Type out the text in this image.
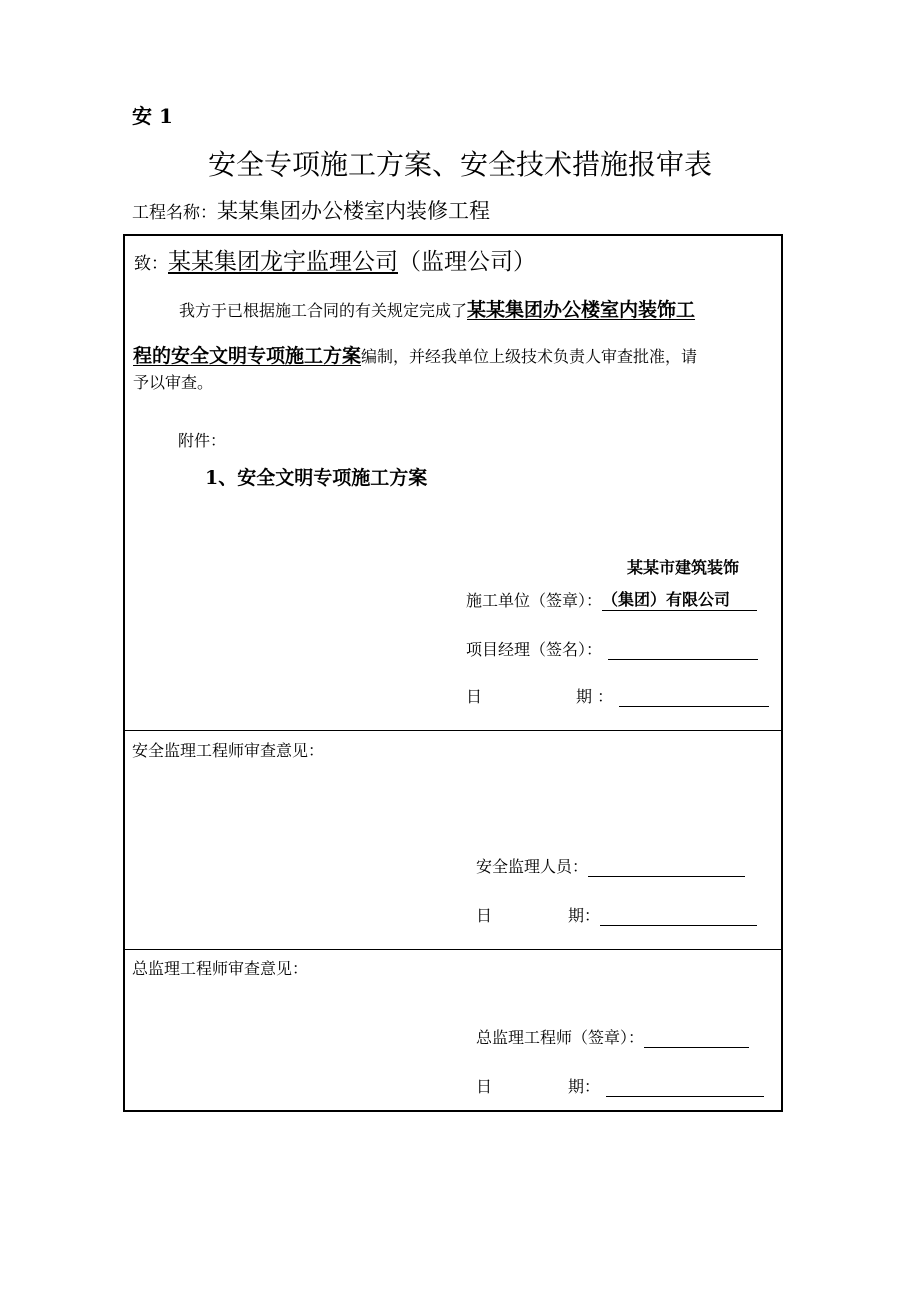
安 1
安全专项施工方案、安全技术措施报审表
工程名称：某某集团办公楼室内装修工程
致：某某集团龙宇监理公司（监理公司）

我方于已根据施工合同的有关规定完成了某某集团办公楼室内装饰工

程的安全文明专项施工方案编制，并经我单位上级技术负责人审查批准，请
予以审查。
附件：
1、安全文明专项施工方案
某某市建筑装饰
施工单位（签章）：（集团）有限公司
项目经理（签名）：
日	期 ：
安全监理工程师审查意见：
安全监理人员：
日	期：
总监理工程师审查意见：
总监理工程师（签章）：
日	期：
